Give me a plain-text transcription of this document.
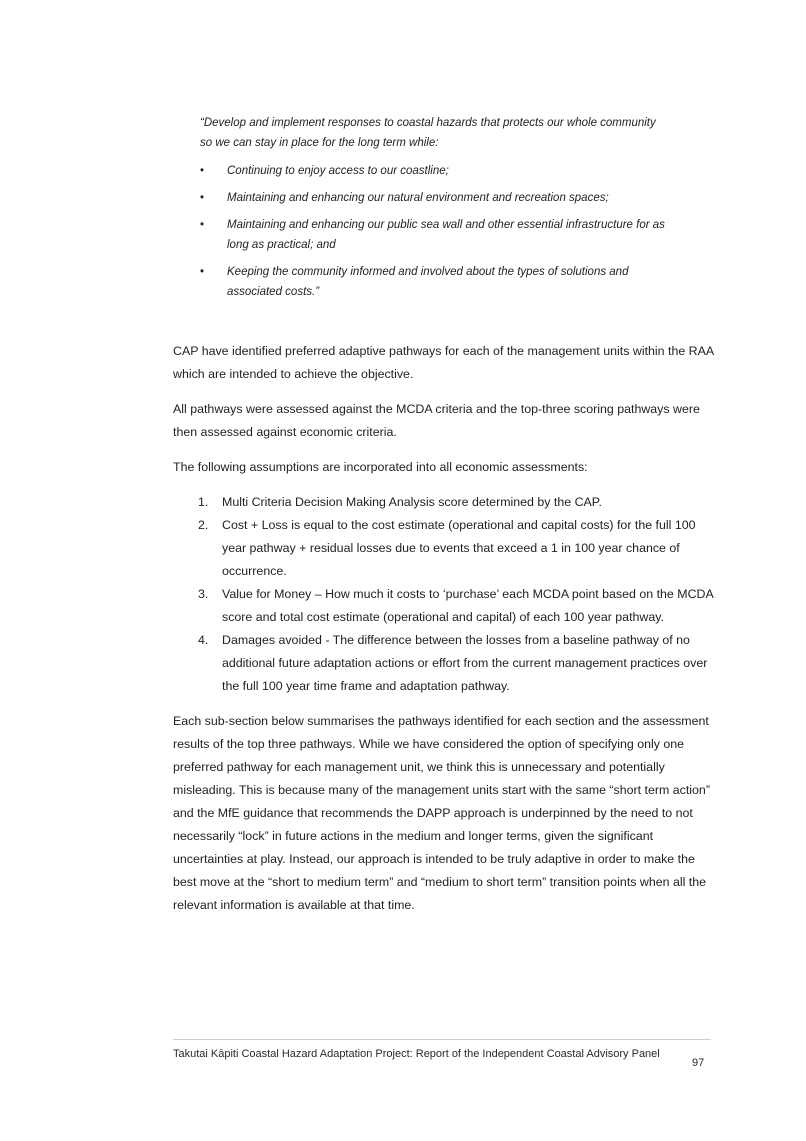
“Develop and implement responses to coastal hazards that protects our whole community so we can stay in place for the long term while:

• Continuing to enjoy access to our coastline;
• Maintaining and enhancing our natural environment and recreation spaces;
• Maintaining and enhancing our public sea wall and other essential infrastructure for as long as practical; and
• Keeping the community informed and involved about the types of solutions and associated costs.”

CAP have identified preferred adaptive pathways for each of the management units within the RAA which are intended to achieve the objective.

All pathways were assessed against the MCDA criteria and the top-three scoring pathways were then assessed against economic criteria.

The following assumptions are incorporated into all economic assessments:

1. Multi Criteria Decision Making Analysis score determined by the CAP.
2. Cost + Loss is equal to the cost estimate (operational and capital costs) for the full 100 year pathway + residual losses due to events that exceed a 1 in 100 year chance of occurrence.
3. Value for Money – How much it costs to ‘purchase’ each MCDA point based on the MCDA score and total cost estimate (operational and capital) of each 100 year pathway.
4. Damages avoided - The difference between the losses from a baseline pathway of no additional future adaptation actions or effort from the current management practices over the full 100 year time frame and adaptation pathway.

Each sub-section below summarises the pathways identified for each section and the assessment results of the top three pathways. While we have considered the option of specifying only one preferred pathway for each management unit, we think this is unnecessary and potentially misleading. This is because many of the management units start with the same “short term action” and the MfE guidance that recommends the DAPP approach is underpinned by the need to not necessarily “lock” in future actions in the medium and longer terms, given the significant uncertainties at play. Instead, our approach is intended to be truly adaptive in order to make the best move at the “short to medium term” and “medium to short term” transition points when all the relevant information is available at that time.

Takutai Kāpiti Coastal Hazard Adaptation Project: Report of the Independent Coastal Advisory Panel
97
